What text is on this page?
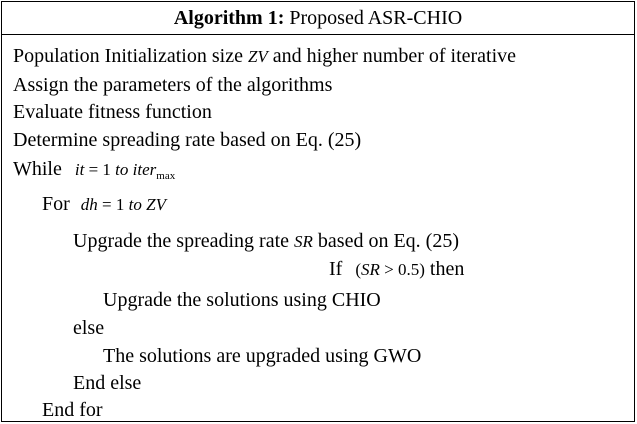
Algorithm 1: Proposed ASR-CHIO
Population Initialization size ZV and higher number of iterative
Assign the parameters of the algorithms
Evaluate fitness function
Determine spreading rate based on Eq. (25)
While it = 1 to iter$_{max}$
For dh = 1 to ZV
Upgrade the spreading rate SR based on Eq. (25)
If (SR > 0.5) then
Upgrade the solutions using CHIO
else
The solutions are upgraded using GWO
End else
End for
